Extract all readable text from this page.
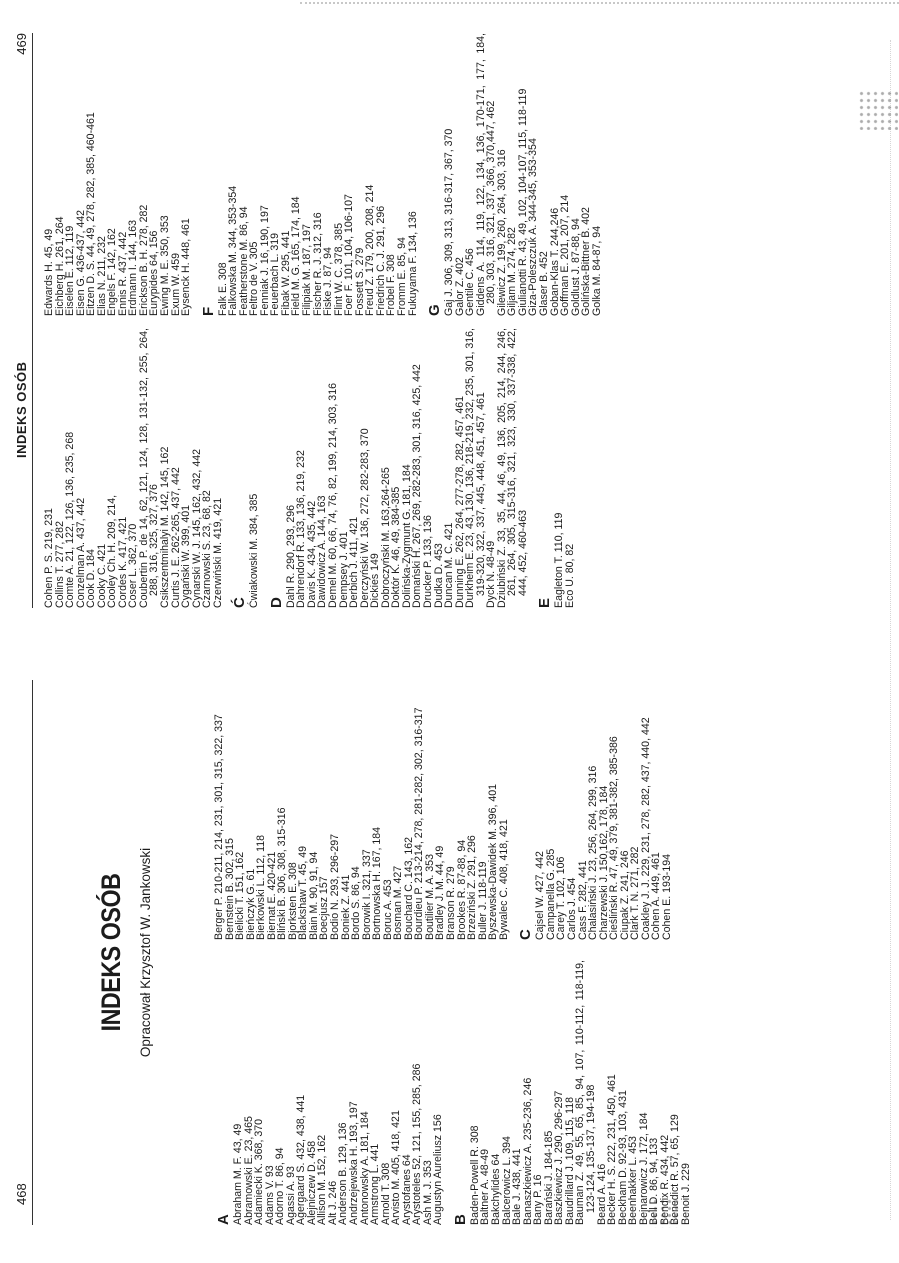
468
INDEKS OSÓB Opracował Krzysztof W. Jankowski
A Abraham M. F. 43, 49
Abramowski E. 23, 465
Adamiecki K. 368, 370
Adams V. 93
Adorno T. 86, 94
Agassi A. 93
Agergaard S. 432, 438, 441
Alejniczew D. 458
Allison M. 152, 162
Alt J. 246
Anderson B. 129, 136
Andrzejewska H. 193, 197
Antonowsky A. 181, 184
Armstrong L. 441
Arnold T. 308
Arvisto M. 405, 418, 421
Arystofanes 64
Arystoteles 52, 121, 155, 285, 286
Ash M. J. 353
Augustyn Aureliusz 156 B Baden-Powell R. 308
Baltner A. 48-49
Bakchylides 64
Balcerowicz L. 394
Bale J. 438, 441
Banaszkiewicz A. 235-236, 246
Bany P. 16
Barański J. 184-185
Baszkiewicz J. 290, 296-297
Baudrillard J. 109, 115, 118
Bauman Z. 49, 55, 65, 85, 94, 107, 110-112, 118-119, 123-124, 135-137, 194-198
Beard A. 416
Becker H. S. 222, 231, 450, 461
Beckham D. 92-93, 103, 431
Beenhakker L. 453
Bejnarowicz J. 172, 184
Bell D. 86, 94, 133
Bendix R. 434, 442
Benedict R. 57, 65, 129
Benoit J. 229
Berger P. 210-211, 214, 231, 301, 315, 322, 337
Bernstein B. 302, 315
Bielicki T. 151, 162
Bieńczyk G. 61
Bierkowski L. 112, 118
Biernat E. 420-421
Bliński B. 306, 308, 315-316
Bjorksten E. 308
Blackshaw T. 45, 49
Blain M. 90, 91, 94
Boecjusz 157
Bodio N. 293, 296-297
Boniek Z. 441
Bordo S. 86, 94
Borowik I. 321, 337
Bortnowska H. 167, 184
Boruc A. 453
Bosman M. 427
Bouchard C. 143, 162
Bourdieu P. 213-214, 278, 281-282, 302, 316-317
Boutilier M. A. 353
Bradley J. M. 44, 49
Branson R. 279
Brookes R. 87-88, 94
Brzeziński Z. 291, 296
Buller J. 118-119
Byszewska-Dawidek M. 396, 401
Bywalec C. 408, 418, 421 C Cajsel W. 427, 442
Campanella G. 285
Carey T. 102, 106
Carlos J. 454
Cass F. 282, 441
Chalasiński J. 23, 256, 264, 299, 316
Charzewski J. 150,162, 178, 184
Cieśliński R. 47, 49, 379, 381-382, 385-386
Ciupak Z. 241, 246
Clark T. N. 271, 282
Coakley J. J. 229, 231, 278, 282, 437, 440, 442
Cohen A. 449, 461
Cohen E. 193-194
INDEKS OSÓB
469
Cohen P. S. 219, 231
Collins T. 277, 282
Comte A. 21, 122, 126, 136, 235, 268
Conzelman A. 437, 442
Cook D. 184
Cooky C. 421
Cooley Ch. H. 209, 214,
Cordes K. 417, 421
Coser L. 362, 370
Coubertin P. de 14, 62, 121, 124, 128, 131-132, 255, 264, 288, 316, 325, 327, 376
Csikszentmihalyi M. 142, 145, 162
Curtis J. E. 262-265, 437, 442
Cygański W. 399, 401
Cynarski W. J. 145, 162, 432, 442
Czarnowski S. 23, 68, 82
Czerwiński M. 419, 421 Ć Ćwiakowski M. 384, 385 D Dahl R. 290, 293, 296
Dahrendorf R. 133, 136, 219, 232
Davis K. 434, 435, 442
Dawidowicz A. 144, 163
Demel M. 60, 66, 74, 76, 82, 199, 214, 303, 316
Dempsey J. 401
Derbich J. 411, 421
Derczyński W. 136, 272, 282-283, 370
Dickies 149
Dobroczyński M. 163,264-265
Doktór K. 46, 49, 384-385
Dolińska-Zygmunt G. 181, 184
Domański H. 267, 269, 282-283, 301, 316, 425, 442
Drucker P. 133, 136
Dudka D. 453
Duncan M. C. 421
Dunning E. 262, 264, 277-278, 282, 457, 461
Durkheim E. 23, 43, 130, 136, 218-219, 232, 235, 301, 316, 319-320, 322, 337, 445, 448, 451, 457, 461
Dyck N. 48-49
Dziubiński Z. 33, 35, 44, 46, 49, 136, 205, 214, 244, 246, 261, 264, 305, 315-316, 321, 323, 330, 337-338, 422, 444, 452, 460-463
E Eagleton T. 110, 119
Eco U. 80, 82
Edwards H. 45, 49
Eichberg H. 261, 264
Eiselen E. 112, 119
Eisen G. 436-437, 442
Eitzen D. S. 44, 49, 278, 282, 385, 460-461
Elias N. 211, 232
Engels F. 142, 162
Ennis R. 437, 442
Erdmann I. 144, 163
Erickson B. H. 278, 282
Eurypides 64, 156
Ewing M. E. 350, 353
Exum W. 459
Eysenck H. 448, 461 F Falk E. 308
Falkowska M. 344, 353-354
Featherstone M. 86, 94
Feltro de V. 305
Fenniak J. 16, 190, 197
Feuerbach L. 319
Fibak W. 295, 441
Field M. G. 165, 174, 184
Filipiak M. 187, 197
Fischer R. J. 312, 316
Fiske J. 87, 94
Flint W. C. 378, 385
Foer F. 101, 104, 106-107
Fossett S. 279
Freud Z. 179, 200, 208, 214
Friedrich C. J. 291, 296
Frobel F. 308
Fromm E. 85, 94
Fukuyama F. 134, 136 G Gaj J. 306, 309, 313, 316-317, 367, 370
Galor Z. 402
Gentile C. 456
Giddens A. 114, 119, 122, 134, 136, 170-171, 177, 184, 280, 303, 316, 321, 337, 366, 370,447, 462
Gilewicz Z. 199, 260, 264, 303, 316
Giljam M. 274, 282
Giulianotti R. 43, 49, 102, 104-107, 115, 118-119
Giza-Poleszczuk A. 344-345, 353-354
Glaser B. 452
Goban-Klas T. 244,246
Goffman E. 201, 207, 214
Goldlust J. 87-88, 94
Golińska-Bittner B. 402
Golka M. 84-87, 94
